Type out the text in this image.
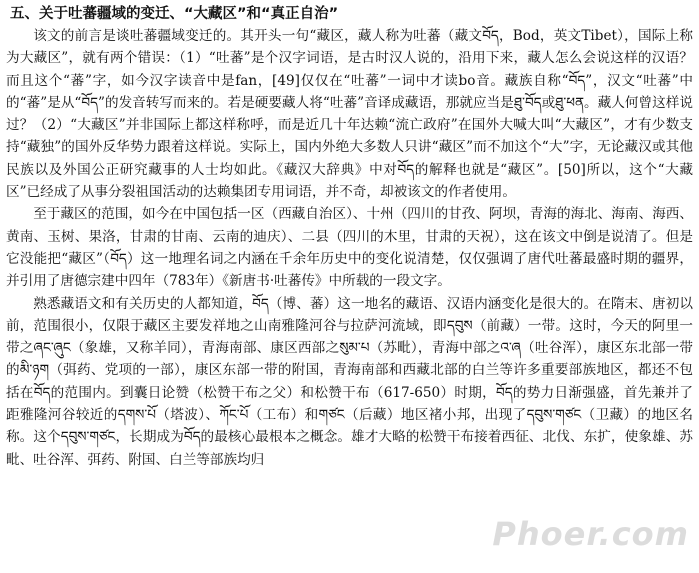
五、关于吐蕃疆域的变迁、“大藏区”和“真正自治”

该文的前言是谈吐蕃疆域变迁的。其开头一句“藏区，藏人称为吐蕃（藏文བོད，Bod，英文Tibet），国际上称为大藏区”，就有两个错误：（1）“吐蕃”是个汉字词语，是古时汉人说的，沿用下来，藏人怎么会说这样的汉语？而且这个“蕃”字，如今汉字读音中是fan，[49]仅仅在“吐蕃”一词中才读bo音。藏族自称“བོད”，汉文“吐蕃”中的“蕃”是从“བོད”的发音转写而来的。若是硬要藏人将“吐蕃”音译成藏语，那就应当是ཐུ་བོད或ཐུ་ཕན。藏人何曾这样说过？（2）“大藏区”并非国际上都这样称呼，而是近几十年达赖“流亡政府”在国外大喊大叫“大藏区”，才有少数支持“藏独”的国外反华势力跟着这样说。实际上，国内外绝大多数人只讲“藏区”而不加这个“大”字，无论藏汉或其他民族以及外国公正研究藏事的人士均如此。《藏汉大辞典》中对བོད的解释也就是“藏区”。[50]所以，这个“大藏区”已经成了从事分裂祖国活动的达赖集团专用词语，并不奇，却被该文的作者使用。

至于藏区的范围，如今在中国包括一区（西藏自治区）、十州（四川的甘孜、阿坝，青海的海北、海南、海西、黄南、玉树、果洛，甘肃的甘南、云南的迪庆）、二县（四川的木里，甘肃的天祝），这在该文中倒是说清了。但是它没能把“藏区”（བོད）这一地理名词之内涵在千余年历史中的变化说清楚，仅仅强调了唐代吐蕃最盛时期的疆界，并引用了唐德宗建中四年（783年）《新唐书·吐蕃传》中所载的一段文字。

熟悉藏语文和有关历史的人都知道，བོད（博、蕃）这一地名的藏语、汉语内涵变化是很大的。在隋末、唐初以前，范围很小，仅限于藏区主要发祥地之山南雅隆河谷与拉萨河流域，即དབུས（前藏）一带。这时，今天的阿里一带之ཞང་ཞུང（象雄，又称羊同），青海南部、康区西部之སུམ་པ（苏毗），青海中部之འ་ཞ（吐谷浑），康区东北部一带的མི་ཉག（弭药、党项的一部），康区东部一带的附国，青海南部和西藏北部的白兰等许多重要部族地区，都还不包括在བོད的范围内。到囊日论赞（松赞干布之父）和松赞干布（617-650）时期，བོད的势力日渐强盛，首先兼并了距雅隆河谷较近的དགས་པོ（塔波）、ཀོང་པོ（工布）和གཙང（后藏）地区褚小邦，出现了དབུས་གཙང（卫藏）的地区名称。这个དབུས་གཙང，长期成为བོད的最核心最根本之概念。雄才大略的松赞干布接着西征、北伐、东扩，使象雄、苏毗、吐谷浑、弭药、附国、白兰等部族均归

Phoer.com
